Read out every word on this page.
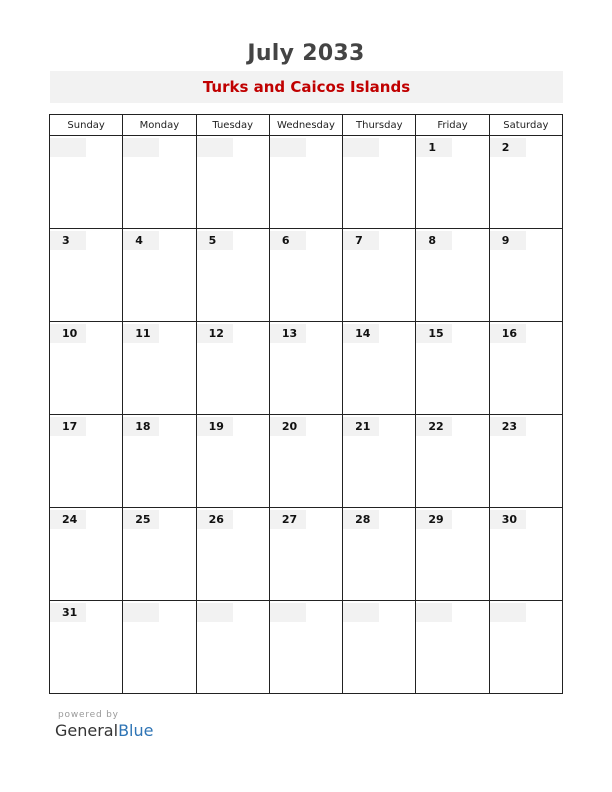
July 2033
Turks and Caicos Islands
Sunday	Monday	Tuesday	Wednesday	Thursday	Friday	Saturday

					1	2

3	4	5	6	7	8	9

10	11	12	13	14	15	16

17	18	19	20	21	22	23

24	25	26	27	28	29	30

31						

powered by
GeneralBlue
